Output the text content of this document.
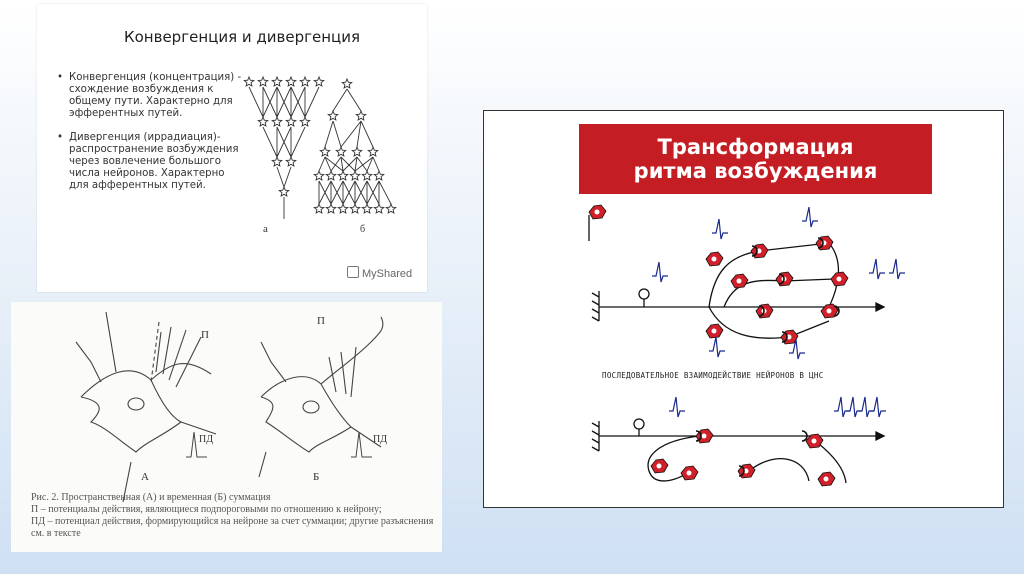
Конвергенция и дивергенция
• Конвергенция (концентрация) - схождение возбуждения к общему пути. Характерно для эфферентных путей.
• Дивергенция (иррадиация)- распространение возбуждения через вовлечение большого числа нейронов. Характерно для афферентных путей.
а	б
MyShared
П
П
ПД	ПД
А	Б

Рис. 2. Пространственная (А) и временная (Б) суммация

П – потенциалы действия, являющиеся подпороговыми по отношению к нейрону;

ПД – потенциал действия, формирующийся на нейроне за счет суммации; другие разъяснения см. в тексте

Трансформация
ритма возбуждения
ПОСЛЕДОВАТЕЛЬНОЕ ВЗАИМОДЕЙСТВИЕ НЕЙРОНОВ В ЦНС
